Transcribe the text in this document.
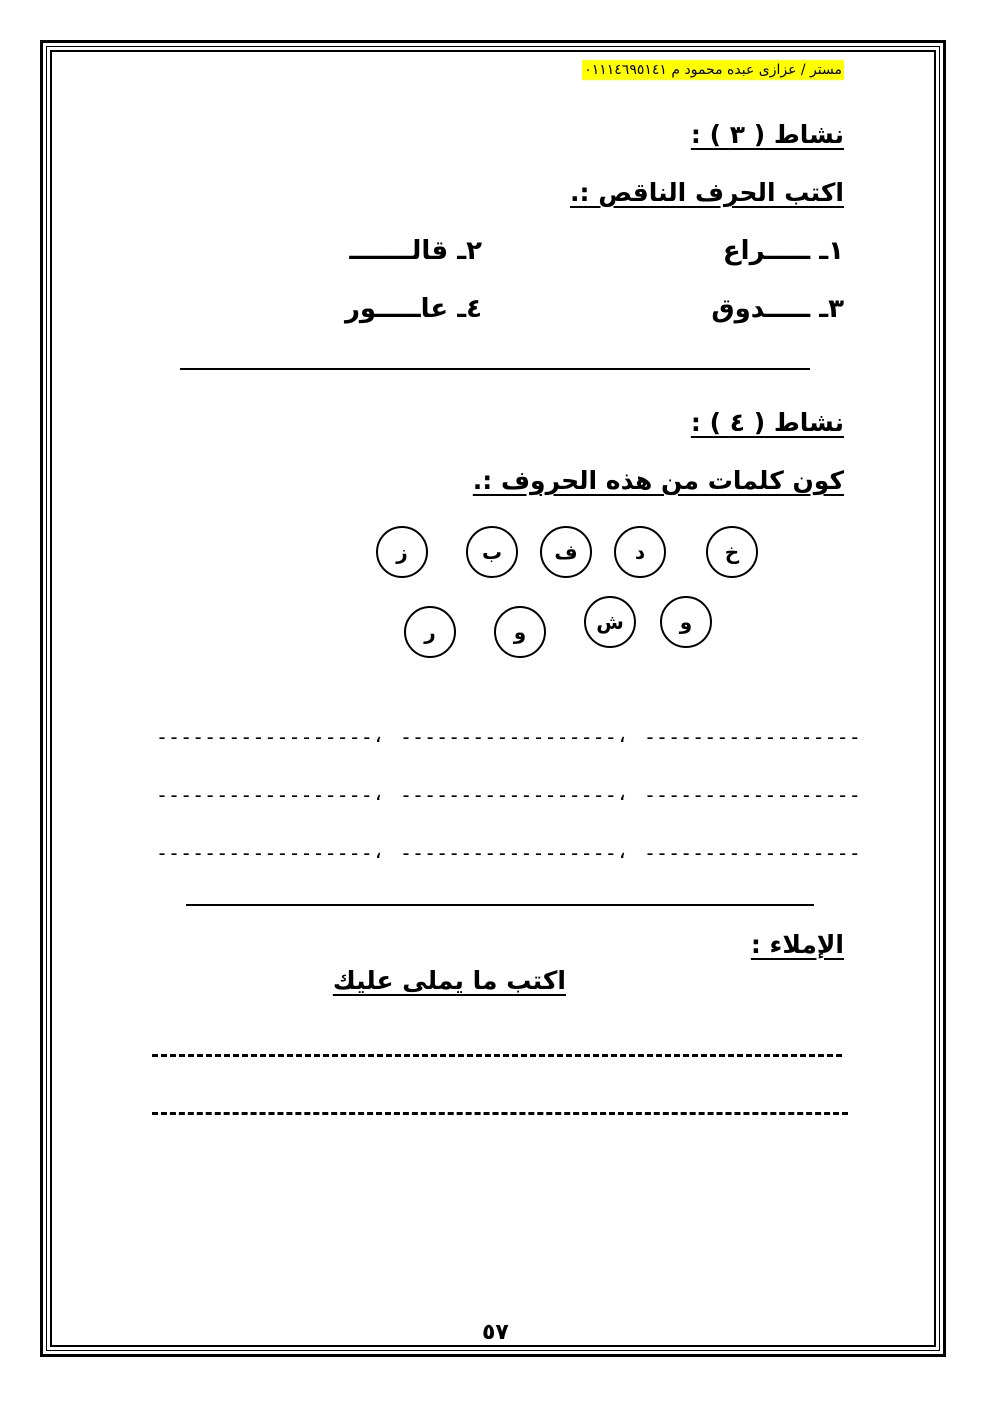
مستر / عزازى عبده محمود م ٠١١١٤٦٩٥١٤١
نشاط ( ٣ ) :
اكتب الحرف الناقص :.
١ـ ـــــراع
٢ـ قالـــــــ
٣ـ ـــــدوق
٤ـ عاـــــور
نشاط ( ٤ ) :
كون كلمات من هذه الحروف :.
خ
د
ف
ب
ز
و
ش
و
ر
------------------ ، ------------------ ، ------------------
------------------ ، ------------------ ، ------------------
------------------ ، ------------------ ، ------------------
الإملاء :
اكتب ما يملى عليك
٥٧
